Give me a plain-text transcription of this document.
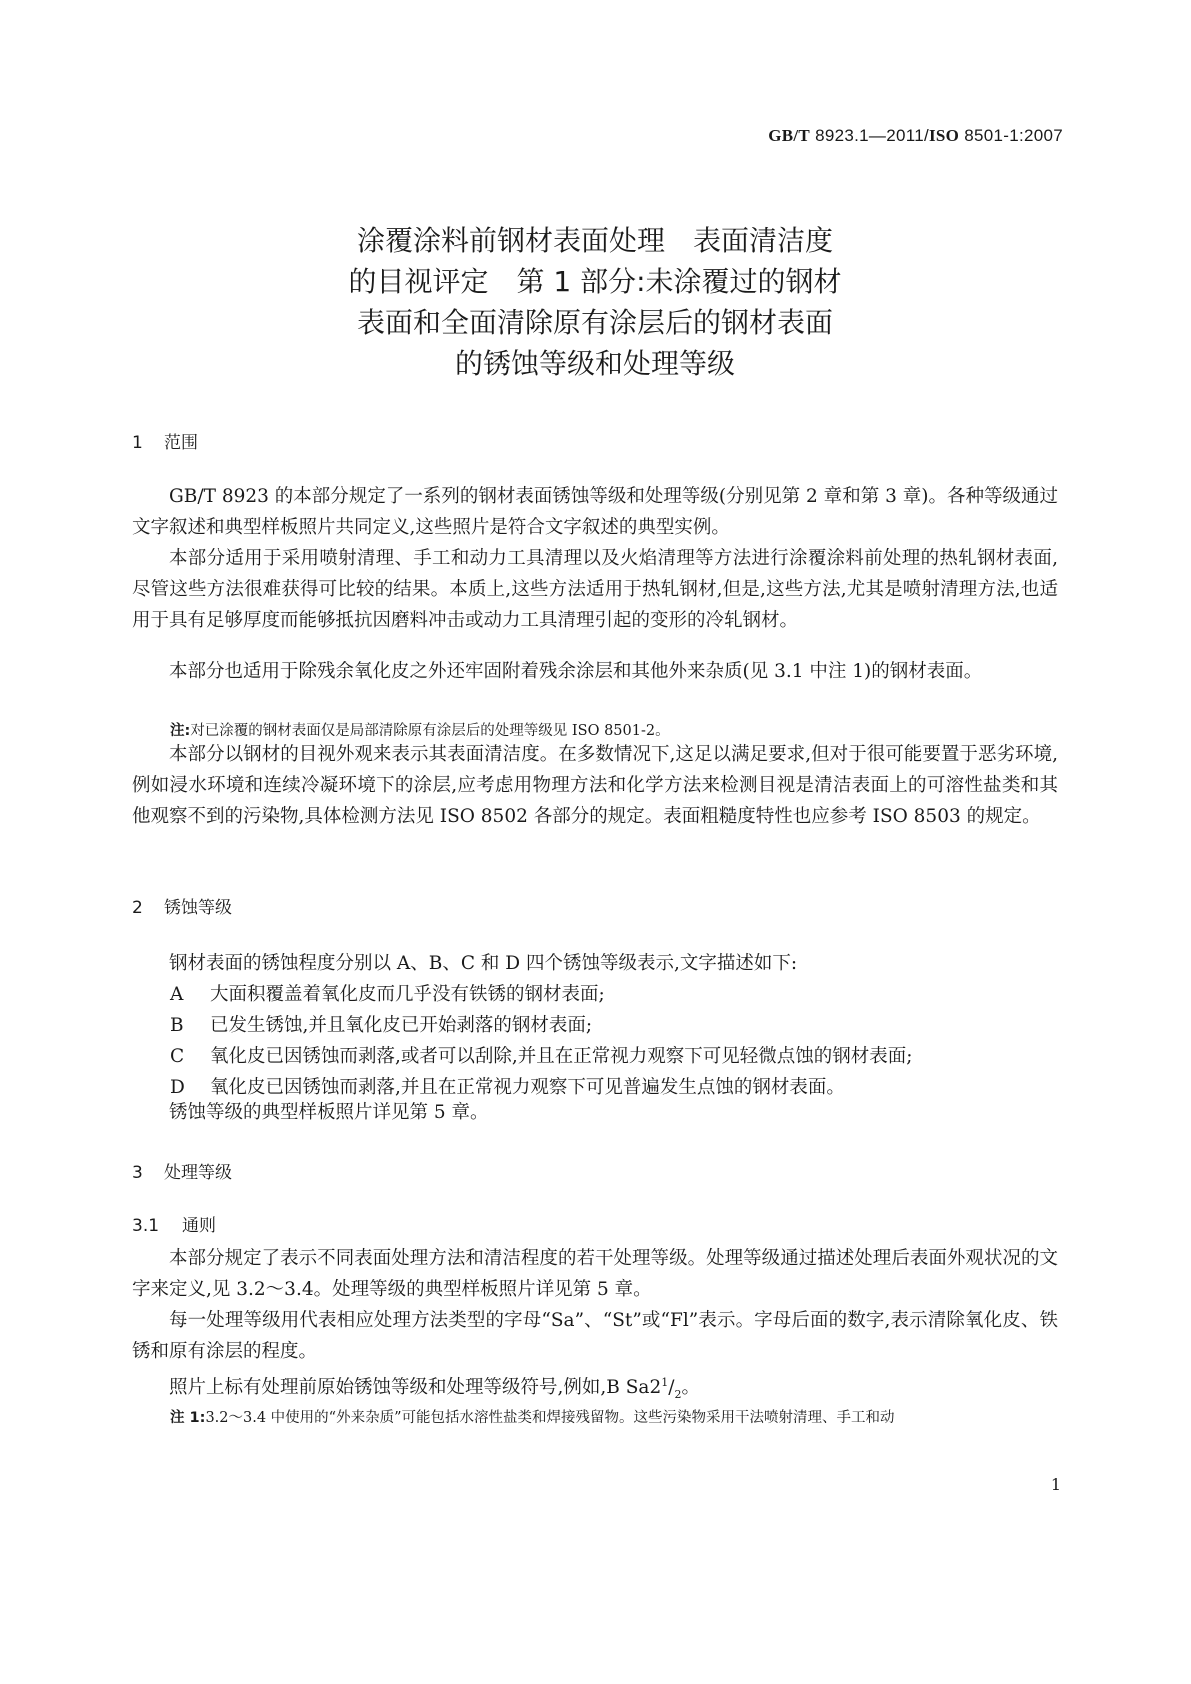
GB/T 8923.1—2011/ISO 8501-1:2007
涂覆涂料前钢材表面处理　表面清洁度
的目视评定　第 1 部分:未涂覆过的钢材
表面和全面清除原有涂层后的钢材表面
的锈蚀等级和处理等级
1 范围

GB/T 8923 的本部分规定了一系列的钢材表面锈蚀等级和处理等级(分别见第 2 章和第 3 章)。各种等级通过文字叙述和典型样板照片共同定义,这些照片是符合文字叙述的典型实例。

本部分适用于采用喷射清理、手工和动力工具清理以及火焰清理等方法进行涂覆涂料前处理的热轧钢材表面,尽管这些方法很难获得可比较的结果。本质上,这些方法适用于热轧钢材,但是,这些方法,尤其是喷射清理方法,也适用于具有足够厚度而能够抵抗因磨料冲击或动力工具清理引起的变形的冷轧钢材。

本部分也适用于除残余氧化皮之外还牢固附着残余涂层和其他外来杂质(见 3.1 中注 1)的钢材表面。

注:对已涂覆的钢材表面仅是局部清除原有涂层后的处理等级见 ISO 8501-2。

本部分以钢材的目视外观来表示其表面清洁度。在多数情况下,这足以满足要求,但对于很可能要置于恶劣环境,例如浸水环境和连续冷凝环境下的涂层,应考虑用物理方法和化学方法来检测目视是清洁表面上的可溶性盐类和其他观察不到的污染物,具体检测方法见 ISO 8502 各部分的规定。表面粗糙度特性也应参考 ISO 8503 的规定。

2 锈蚀等级

钢材表面的锈蚀程度分别以 A、B、C 和 D 四个锈蚀等级表示,文字描述如下:

A 大面积覆盖着氧化皮而几乎没有铁锈的钢材表面;
B 已发生锈蚀,并且氧化皮已开始剥落的钢材表面;
C 氧化皮已因锈蚀而剥落,或者可以刮除,并且在正常视力观察下可见轻微点蚀的钢材表面;
D 氧化皮已因锈蚀而剥落,并且在正常视力观察下可见普遍发生点蚀的钢材表面。

锈蚀等级的典型样板照片详见第 5 章。

3 处理等级
3.1 通则

本部分规定了表示不同表面处理方法和清洁程度的若干处理等级。处理等级通过描述处理后表面外观状况的文字来定义,见 3.2～3.4。处理等级的典型样板照片详见第 5 章。

每一处理等级用代表相应处理方法类型的字母“Sa”、“St”或“Fl”表示。字母后面的数字,表示清除氧化皮、铁锈和原有涂层的程度。

照片上标有处理前原始锈蚀等级和处理等级符号,例如,B $Sa2^1/_2$。

注 1:3.2～3.4 中使用的“外来杂质”可能包括水溶性盐类和焊接残留物。这些污染物采用干法喷射清理、手工和动
1
